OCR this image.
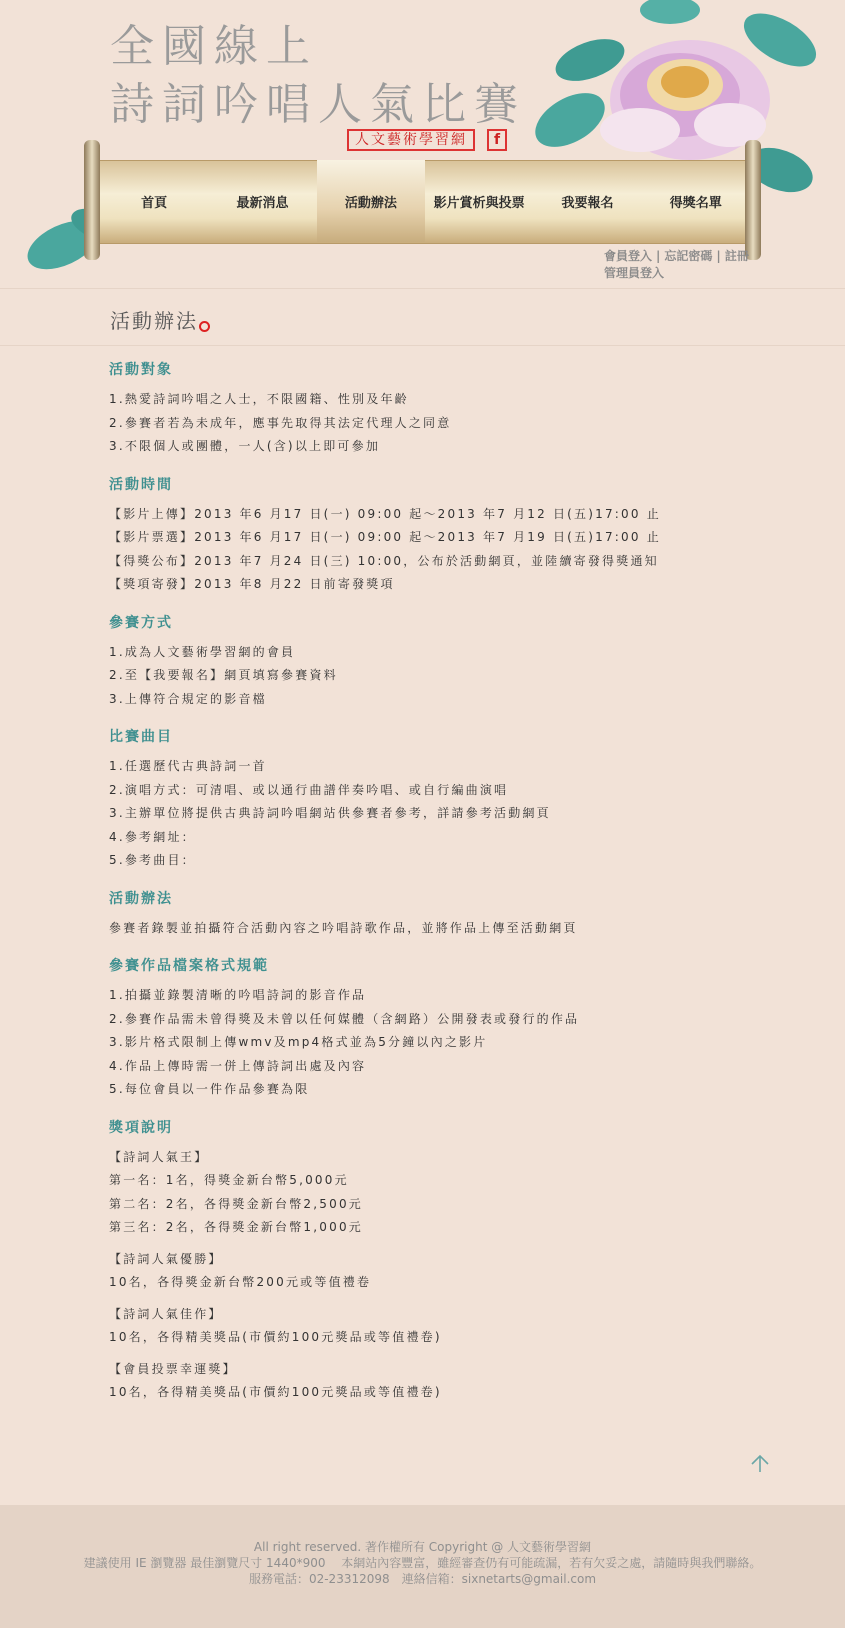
全國線上
詩詞吟唱人氣比賽
人文藝術學習網	f
首頁	最新消息	活動辦法	影片賞析與投票	我要報名	得獎名單
會員登入 | 忘記密碼 | 註冊
管理員登入
活動辦法
活動對象
1.熱愛詩詞吟唱之人士，不限國籍、性別及年齡
2.參賽者若為未成年，應事先取得其法定代理人之同意
3.不限個人或團體，一人(含)以上即可參加
活動時間
【影片上傳】2013 年6 月17 日(一) 09:00 起～2013 年7 月12 日(五)17:00 止
【影片票選】2013 年6 月17 日(一) 09:00 起～2013 年7 月19 日(五)17:00 止
【得獎公布】2013 年7 月24 日(三) 10:00，公布於活動網頁，並陸續寄發得獎通知
【獎項寄發】2013 年8 月22 日前寄發獎項
參賽方式
1.成為人文藝術學習網的會員
2.至【我要報名】網頁填寫參賽資料
3.上傳符合規定的影音檔
比賽曲目
1.任選歷代古典詩詞一首
2.演唱方式：可清唱、或以通行曲譜伴奏吟唱、或自行編曲演唱
3.主辦單位將提供古典詩詞吟唱網站供參賽者參考，詳請參考活動網頁
4.參考網址：
5.參考曲目：
活動辦法
參賽者錄製並拍攝符合活動內容之吟唱詩歌作品，並將作品上傳至活動網頁
參賽作品檔案格式規範
1.拍攝並錄製清晰的吟唱詩詞的影音作品
2.參賽作品需未曾得獎及未曾以任何媒體（含網路）公開發表或發行的作品
3.影片格式限制上傳wmv及mp4格式並為5分鐘以內之影片
4.作品上傳時需一併上傳詩詞出處及內容
5.每位會員以一件作品參賽為限
獎項說明
【詩詞人氣王】
第一名：1名，得獎金新台幣5,000元
第二名：2名，各得獎金新台幣2,500元
第三名：2名，各得獎金新台幣1,000元
【詩詞人氣優勝】
10名，各得獎金新台幣200元或等值禮卷
【詩詞人氣佳作】
10名，各得精美獎品(市價約100元獎品或等值禮卷)
【會員投票幸運獎】
10名，各得精美獎品(市價約100元獎品或等值禮卷)
All right reserved. 著作權所有 Copyright @ 人文藝術學習網
建議使用 IE 瀏覽器 最佳瀏覽尺寸 1440*900　 本網站內容豐富，雖經審查仍有可能疏漏，若有欠妥之處，請隨時與我們聯絡。
服務電話：02-23312098　連絡信箱：sixnetarts@gmail.com
